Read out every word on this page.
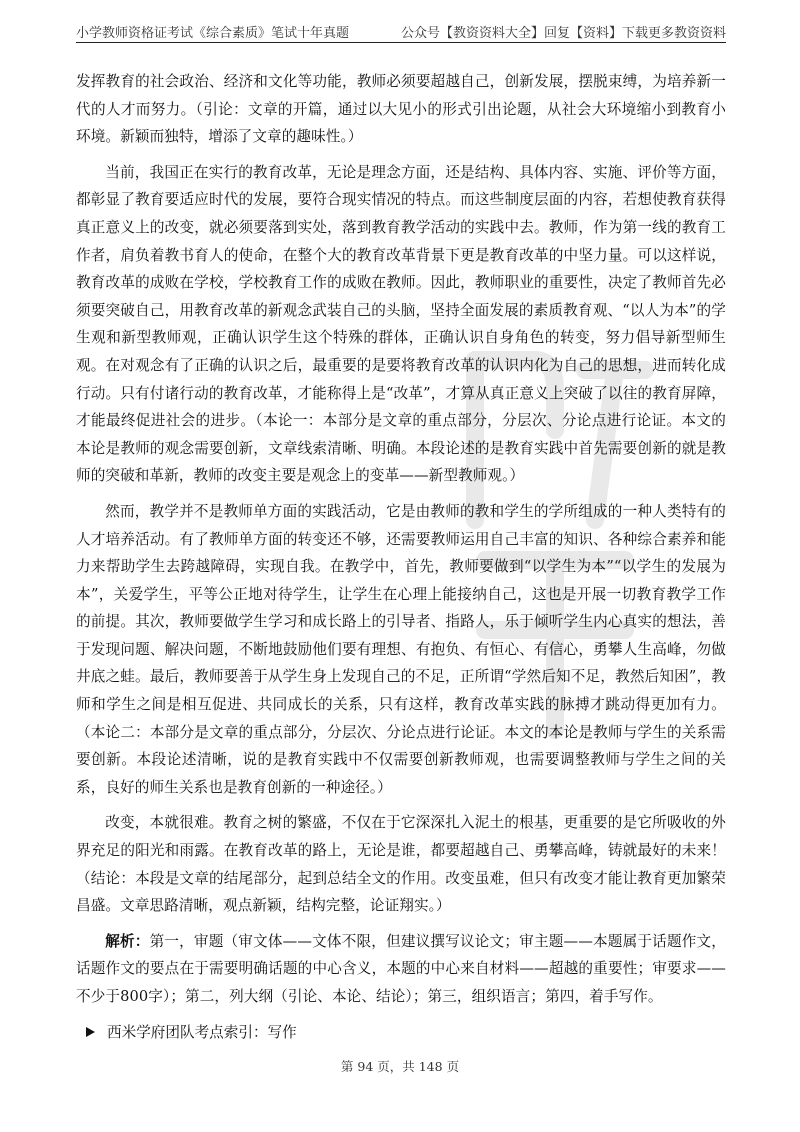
小学教师资格证考试《综合素质》笔试十年真题	公众号【教资资料大全】回复【资料】下载更多教资资料

发挥教育的社会政治、经济和文化等功能，教师必须要超越自己，创新发展，摆脱束缚，为培养新一代的人才而努力。（引论：文章的开篇，通过以大见小的形式引出论题，从社会大环境缩小到教育小环境。新颖而独特，增添了文章的趣味性。）

当前，我国正在实行的教育改革，无论是理念方面，还是结构、具体内容、实施、评价等方面，都彰显了教育要适应时代的发展，要符合现实情况的特点。而这些制度层面的内容，若想使教育获得真正意义上的改变，就必须要落到实处，落到教育教学活动的实践中去。教师，作为第一线的教育工作者，肩负着教书育人的使命，在整个大的教育改革背景下更是教育改革的中坚力量。可以这样说，教育改革的成败在学校，学校教育工作的成败在教师。因此，教师职业的重要性，决定了教师首先必须要突破自己，用教育改革的新观念武装自己的头脑，坚持全面发展的素质教育观、“以人为本”的学生观和新型教师观，正确认识学生这个特殊的群体，正确认识自身角色的转变，努力倡导新型师生观。在对观念有了正确的认识之后，最重要的是要将教育改革的认识内化为自己的思想，进而转化成行动。只有付诸行动的教育改革，才能称得上是“改革”，才算从真正意义上突破了以往的教育屏障，才能最终促进社会的进步。（本论一：本部分是文章的重点部分，分层次、分论点进行论证。本文的本论是教师的观念需要创新，文章线索清晰、明确。本段论述的是教育实践中首先需要创新的就是教师的突破和革新，教师的改变主要是观念上的变革——新型教师观。）

然而，教学并不是教师单方面的实践活动，它是由教师的教和学生的学所组成的一种人类特有的人才培养活动。有了教师单方面的转变还不够，还需要教师运用自己丰富的知识、各种综合素养和能力来帮助学生去跨越障碍，实现自我。在教学中，首先，教师要做到“以学生为本”“以学生的发展为本”，关爱学生，平等公正地对待学生，让学生在心理上能接纳自己，这也是开展一切教育教学工作的前提。其次，教师要做学生学习和成长路上的引导者、指路人，乐于倾听学生内心真实的想法，善于发现问题、解决问题，不断地鼓励他们要有理想、有抱负、有恒心、有信心，勇攀人生高峰，勿做井底之蛙。最后，教师要善于从学生身上发现自己的不足，正所谓“学然后知不足，教然后知困”，教师和学生之间是相互促进、共同成长的关系，只有这样，教育改革实践的脉搏才跳动得更加有力。（本论二：本部分是文章的重点部分，分层次、分论点进行论证。本文的本论是教师与学生的关系需要创新。本段论述清晰，说的是教育实践中不仅需要创新教师观，也需要调整教师与学生之间的关系，良好的师生关系也是教育创新的一种途径。）

改变，本就很难。教育之树的繁盛，不仅在于它深深扎入泥土的根基，更重要的是它所吸收的外界充足的阳光和雨露。在教育改革的路上，无论是谁，都要超越自己、勇攀高峰，铸就最好的未来！（结论：本段是文章的结尾部分，起到总结全文的作用。改变虽难，但只有改变才能让教育更加繁荣昌盛。文章思路清晰，观点新颖，结构完整，论证翔实。）

解析：第一，审题（审文体——文体不限，但建议撰写议论文；审主题——本题属于话题作文，话题作文的要点在于需要明确话题的中心含义，本题的中心来自材料——超越的重要性；审要求——不少于800字）；第二，列大纲（引论、本论、结论）；第三，组织语言；第四，着手写作。

西米学府团队考点索引：写作
第 94 页，共 148 页
